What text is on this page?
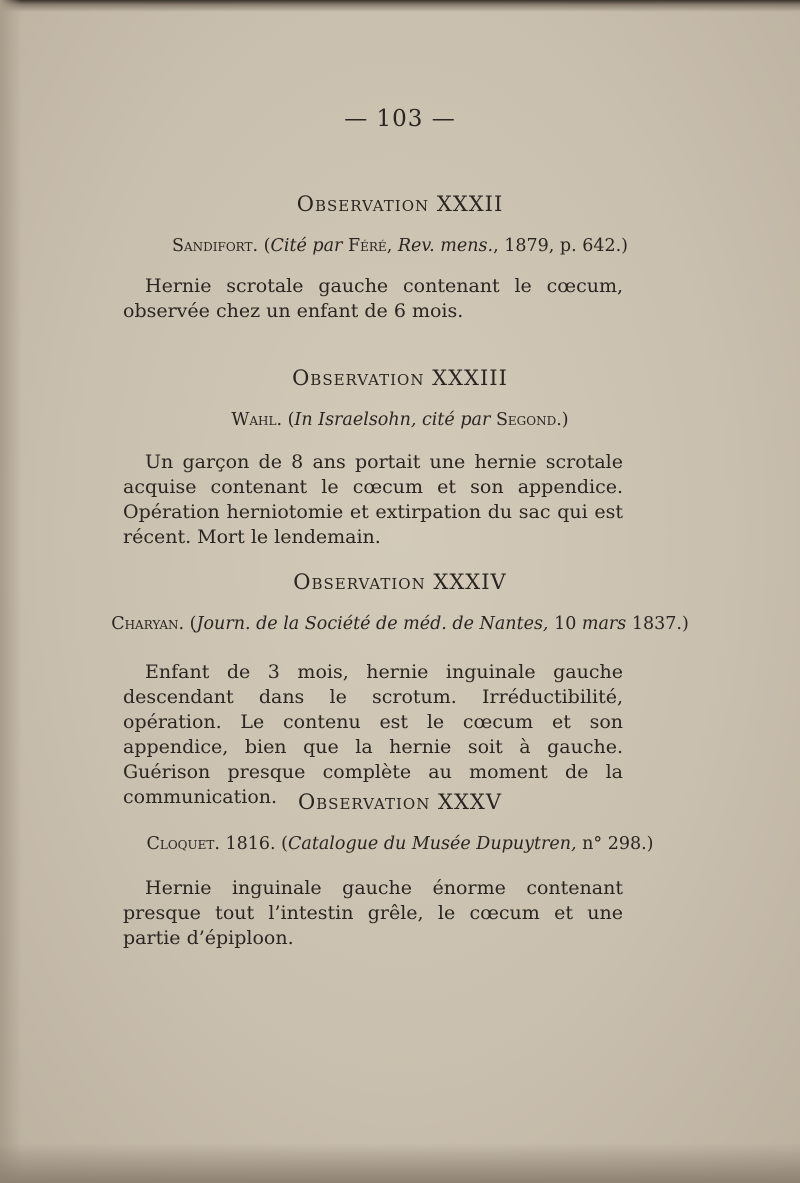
— 103 —
Observation XXXII
Sandifort. (Cité par Féré, Rev. mens., 1879, p. 642.)

Hernie scrotale gauche contenant le cœcum, observée chez un enfant de 6 mois.

Observation XXXIII
Wahl. (In Israelsohn, cité par Segond.)

Un garçon de 8 ans portait une hernie scrotale acquise contenant le cœcum et son appendice. Opération herniotomie et extirpation du sac qui est récent. Mort le lendemain.

Observation XXXIV
Charyan. (Journ. de la Société de méd. de Nantes, 10 mars 1837.)

Enfant de 3 mois, hernie inguinale gauche descendant dans le scrotum. Irréductibilité, opération. Le contenu est le cœcum et son appendice, bien que la hernie soit à gauche. Guérison presque complète au moment de la communication. Observation XXXV
Cloquet. 1816. (Catalogue du Musée Dupuytren, n° 298.)

Hernie inguinale gauche énorme contenant presque tout l’intestin grêle, le cœcum et une partie d’épiploon.
